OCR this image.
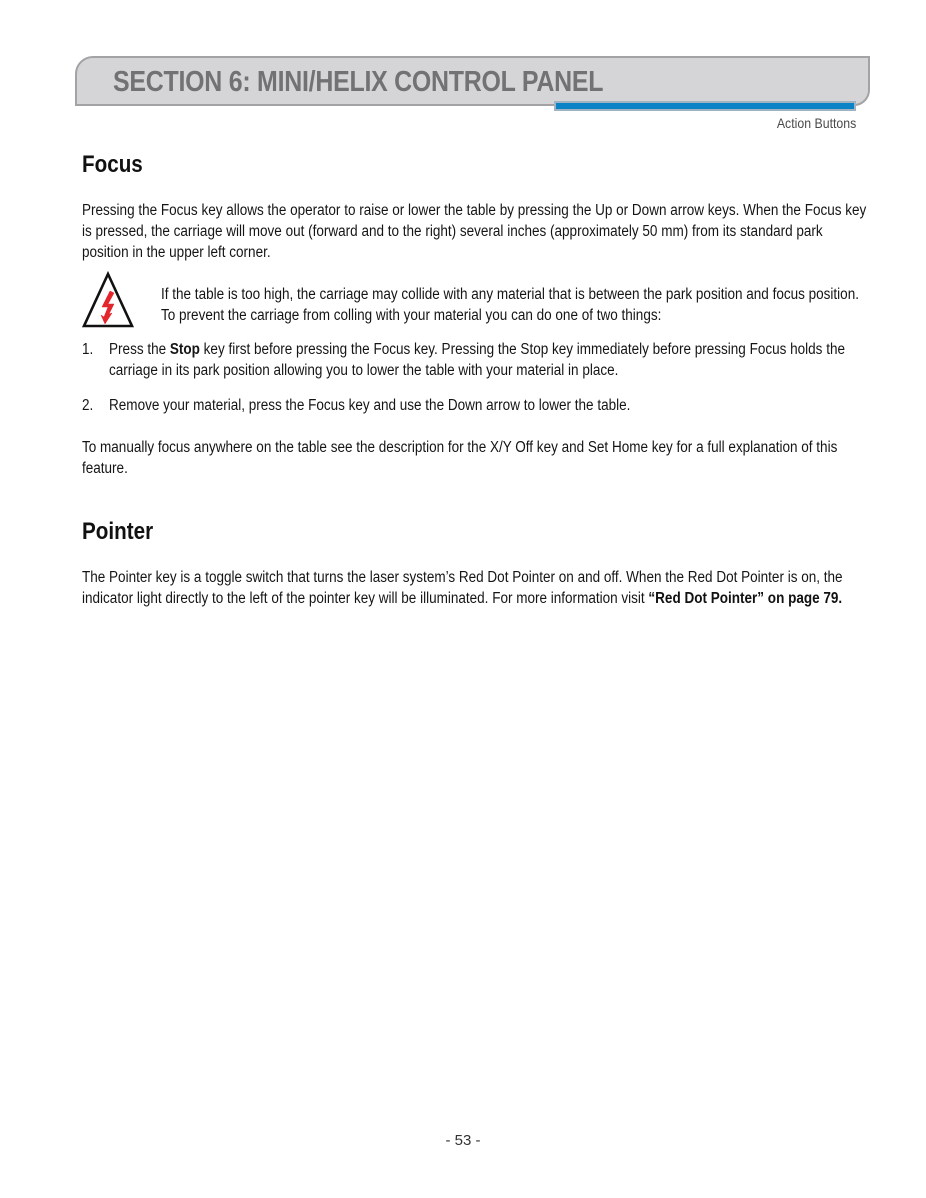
SECTION 6: MINI/HELIX CONTROL PANEL
Action Buttons
Focus

Pressing the Focus key allows the operator to raise or lower the table by pressing the Up or Down arrow keys. When the Focus key is pressed, the carriage will move out (forward and to the right) several inches (approximately 50 mm) from its standard park position in the upper left corner.

If the table is too high, the carriage may collide with any material that is between the park position and focus position. To prevent the carriage from colling with your material you can do one of two things:

1. Press the Stop key first before pressing the Focus key. Pressing the Stop key immediately before pressing Focus holds the carriage in its park position allowing you to lower the table with your material in place.
2. Remove your material, press the Focus key and use the Down arrow to lower the table.

To manually focus anywhere on the table see the description for the X/Y Off key and Set Home key for a full explanation of this feature.

Pointer

The Pointer key is a toggle switch that turns the laser system’s Red Dot Pointer on and off. When the Red Dot Pointer is on, the indicator light directly to the left of the pointer key will be illuminated. For more information visit “Red Dot Pointer” on page 79.

- 53 -
